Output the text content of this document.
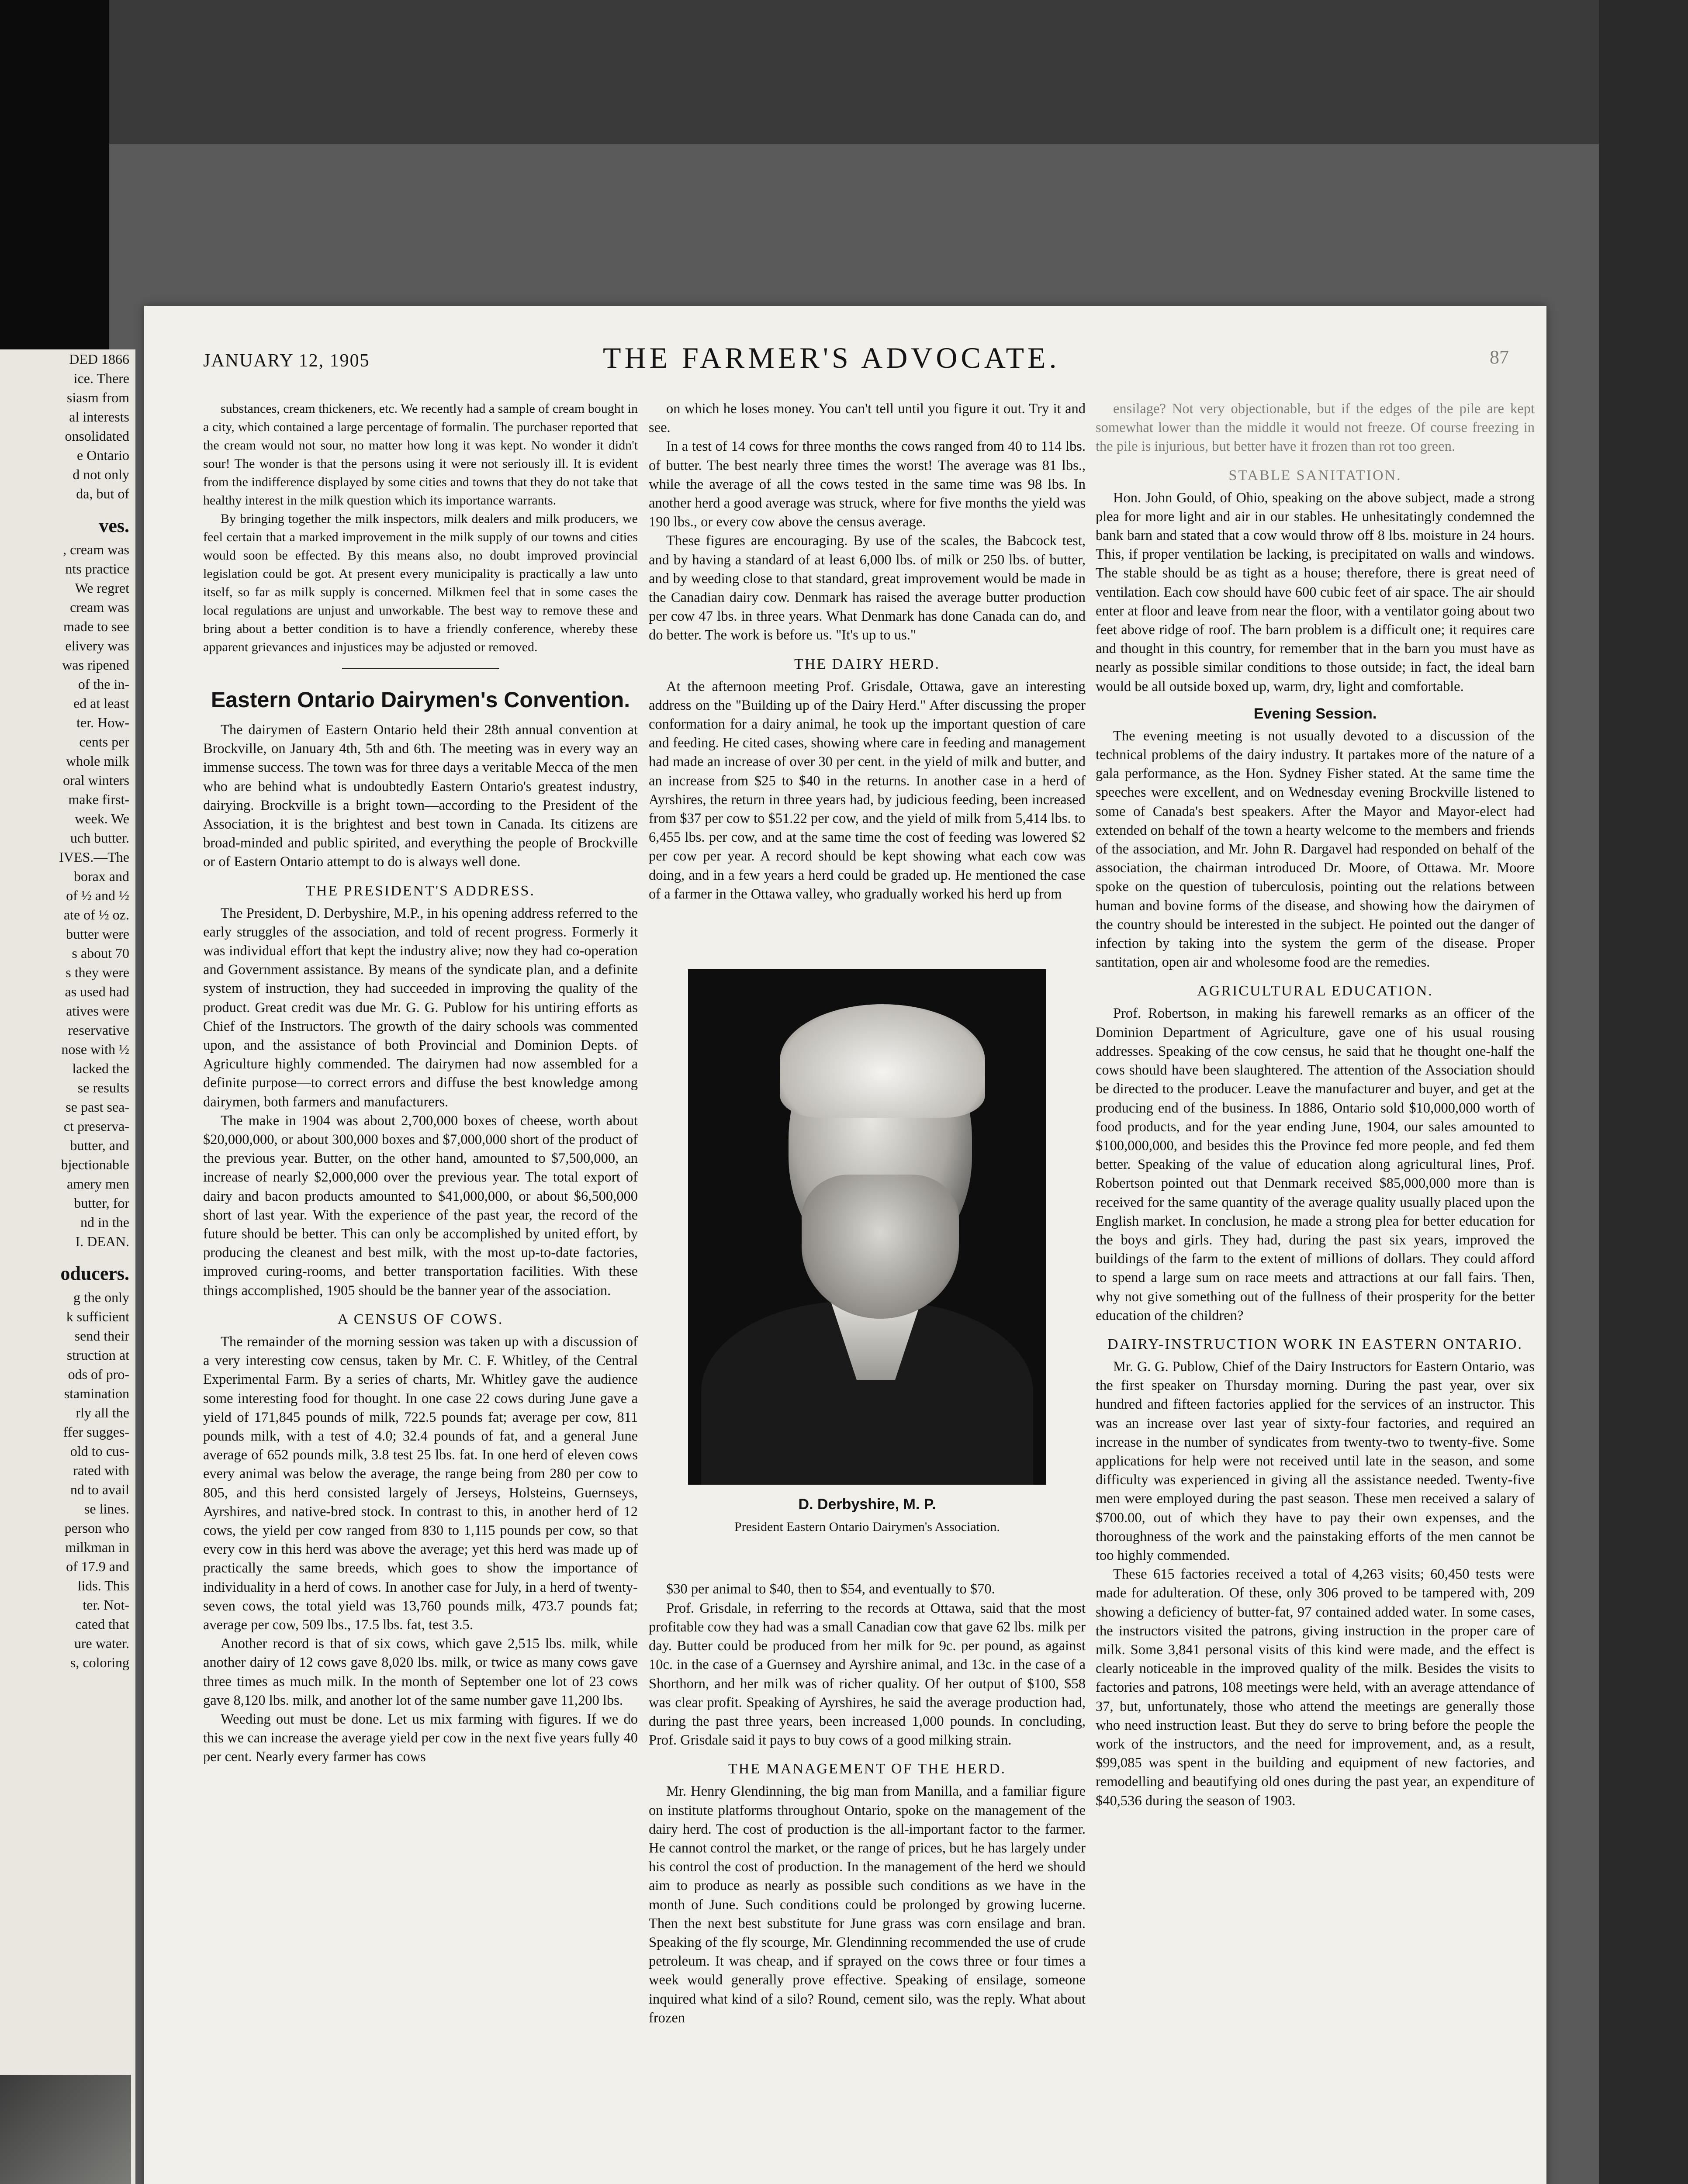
DED 1866
ice. There
siasm from
al interests
onsolidated
e Ontario
d not only
da, but of
ves.
, cream was
nts practice
We regret
cream was
made to see
elivery was
was ripened
of the in-
ed at least
ter. How-
cents per
whole milk
oral winters
make first-
week. We
uch butter.
IVES.—The
borax and
of ½ and ½
ate of ½ oz.
butter were
s about 70
s they were
as used had
atives were
reservative
nose with ½
lacked the
se results
se past sea-
ct preserva-
butter, and
bjectionable
amery men
butter, for
nd in the
I. DEAN.
oducers.
g the only
k sufficient
send their
struction at
ods of pro-
stamination
rly all the
ffer sugges-
old to cus-
rated with
nd to avail
se lines.
person who
milkman in
of 17.9 and
lids. This
ter. Not-
cated that
ure water.
s, coloring
JANUARY 12, 1905	THE FARMER'S ADVOCATE.	87

substances, cream thickeners, etc. We recently had a sample of cream bought in a city, which contained a large percentage of formalin. The purchaser reported that the cream would not sour, no matter how long it was kept. No wonder it didn't sour! The wonder is that the persons using it were not seriously ill. It is evident from the indifference displayed by some cities and towns that they do not take that healthy interest in the milk question which its importance warrants.

By bringing together the milk inspectors, milk dealers and milk producers, we feel certain that a marked improvement in the milk supply of our towns and cities would soon be effected. By this means also, no doubt improved provincial legislation could be got. At present every municipality is practically a law unto itself, so far as milk supply is concerned. Milkmen feel that in some cases the local regulations are unjust and unworkable. The best way to remove these and bring about a better condition is to have a friendly conference, whereby these apparent grievances and injustices may be adjusted or removed.

Eastern Ontario Dairymen's Convention.

The dairymen of Eastern Ontario held their 28th annual convention at Brockville, on January 4th, 5th and 6th. The meeting was in every way an immense success. The town was for three days a veritable Mecca of the men who are behind what is undoubtedly Eastern Ontario's greatest industry, dairying. Brockville is a bright town—according to the President of the Association, it is the brightest and best town in Canada. Its citizens are broad-minded and public spirited, and everything the people of Brockville or of Eastern Ontario attempt to do is always well done.

THE PRESIDENT'S ADDRESS.

The President, D. Derbyshire, M.P., in his opening address referred to the early struggles of the association, and told of recent progress. Formerly it was individual effort that kept the industry alive; now they had co-operation and Government assistance. By means of the syndicate plan, and a definite system of instruction, they had succeeded in improving the quality of the product. Great credit was due Mr. G. G. Publow for his untiring efforts as Chief of the Instructors. The growth of the dairy schools was commented upon, and the assistance of both Provincial and Dominion Depts. of Agriculture highly commended. The dairymen had now assembled for a definite purpose—to correct errors and diffuse the best knowledge among dairymen, both farmers and manufacturers.

The make in 1904 was about 2,700,000 boxes of cheese, worth about $20,000,000, or about 300,000 boxes and $7,000,000 short of the product of the previous year. Butter, on the other hand, amounted to $7,500,000, an increase of nearly $2,000,000 over the previous year. The total export of dairy and bacon products amounted to $41,000,000, or about $6,500,000 short of last year. With the experience of the past year, the record of the future should be better. This can only be accomplished by united effort, by producing the cleanest and best milk, with the most up-to-date factories, improved curing-rooms, and better transportation facilities. With these things accomplished, 1905 should be the banner year of the association.

A CENSUS OF COWS.

The remainder of the morning session was taken up with a discussion of a very interesting cow census, taken by Mr. C. F. Whitley, of the Central Experimental Farm. By a series of charts, Mr. Whitley gave the audience some interesting food for thought. In one case 22 cows during June gave a yield of 171,845 pounds of milk, 722.5 pounds fat; average per cow, 811 pounds milk, with a test of 4.0; 32.4 pounds of fat, and a general June average of 652 pounds milk, 3.8 test 25 lbs. fat. In one herd of eleven cows every animal was below the average, the range being from 280 per cow to 805, and this herd consisted largely of Jerseys, Holsteins, Guernseys, Ayrshires, and native-bred stock. In contrast to this, in another herd of 12 cows, the yield per cow ranged from 830 to 1,115 pounds per cow, so that every cow in this herd was above the average; yet this herd was made up of practically the same breeds, which goes to show the importance of individuality in a herd of cows. In another case for July, in a herd of twenty-seven cows, the total yield was 13,760 pounds milk, 473.7 pounds fat; average per cow, 509 lbs., 17.5 lbs. fat, test 3.5.

Another record is that of six cows, which gave 2,515 lbs. milk, while another dairy of 12 cows gave 8,020 lbs. milk, or twice as many cows gave three times as much milk. In the month of September one lot of 23 cows gave 8,120 lbs. milk, and another lot of the same number gave 11,200 lbs.

Weeding out must be done. Let us mix farming with figures. If we do this we can increase the average yield per cow in the next five years fully 40 per cent. Nearly every farmer has cows

on which he loses money. You can't tell until you figure it out. Try it and see.

In a test of 14 cows for three months the cows ranged from 40 to 114 lbs. of butter. The best nearly three times the worst! The average was 81 lbs., while the average of all the cows tested in the same time was 98 lbs. In another herd a good average was struck, where for five months the yield was 190 lbs., or every cow above the census average.

These figures are encouraging. By use of the scales, the Babcock test, and by having a standard of at least 6,000 lbs. of milk or 250 lbs. of butter, and by weeding close to that standard, great improvement would be made in the Canadian dairy cow. Denmark has raised the average butter production per cow 47 lbs. in three years. What Denmark has done Canada can do, and do better. The work is before us. "It's up to us."

THE DAIRY HERD.

At the afternoon meeting Prof. Grisdale, Ottawa, gave an interesting address on the "Building up of the Dairy Herd." After discussing the proper conformation for a dairy animal, he took up the important question of care and feeding. He cited cases, showing where care in feeding and management had made an increase of over 30 per cent. in the yield of milk and butter, and an increase from $25 to $40 in the returns. In another case in a herd of Ayrshires, the return in three years had, by judicious feeding, been increased from $37 per cow to $51.22 per cow, and the yield of milk from 5,414 lbs. to 6,455 lbs. per cow, and at the same time the cost of feeding was lowered $2 per cow per year. A record should be kept showing what each cow was doing, and in a few years a herd could be graded up. He mentioned the case of a farmer in the Ottawa valley, who gradually worked his herd up from

D. Derbyshire, M. P.
President Eastern Ontario Dairymen's Association.

$30 per animal to $40, then to $54, and eventually to $70.

Prof. Grisdale, in referring to the records at Ottawa, said that the most profitable cow they had was a small Canadian cow that gave 62 lbs. milk per day. Butter could be produced from her milk for 9c. per pound, as against 10c. in the case of a Guernsey and Ayrshire animal, and 13c. in the case of a Shorthorn, and her milk was of richer quality. Of her output of $100, $58 was clear profit. Speaking of Ayrshires, he said the average production had, during the past three years, been increased 1,000 pounds. In concluding, Prof. Grisdale said it pays to buy cows of a good milking strain.

THE MANAGEMENT OF THE HERD.

Mr. Henry Glendinning, the big man from Manilla, and a familiar figure on institute platforms throughout Ontario, spoke on the management of the dairy herd. The cost of production is the all-important factor to the farmer. He cannot control the market, or the range of prices, but he has largely under his control the cost of production. In the management of the herd we should aim to produce as nearly as possible such conditions as we have in the month of June. Such conditions could be prolonged by growing lucerne. Then the next best substitute for June grass was corn ensilage and bran. Speaking of the fly scourge, Mr. Glendinning recommended the use of crude petroleum. It was cheap, and if sprayed on the cows three or four times a week would generally prove effective. Speaking of ensilage, someone inquired what kind of a silo? Round, cement silo, was the reply. What about frozen

ensilage? Not very objectionable, but if the edges of the pile are kept somewhat lower than the middle it would not freeze. Of course freezing in the pile is injurious, but better have it frozen than rot too green.

STABLE SANITATION.

Hon. John Gould, of Ohio, speaking on the above subject, made a strong plea for more light and air in our stables. He unhesitatingly condemned the bank barn and stated that a cow would throw off 8 lbs. moisture in 24 hours. This, if proper ventilation be lacking, is precipitated on walls and windows. The stable should be as tight as a house; therefore, there is great need of ventilation. Each cow should have 600 cubic feet of air space. The air should enter at floor and leave from near the floor, with a ventilator going about two feet above ridge of roof. The barn problem is a difficult one; it requires care and thought in this country, for remember that in the barn you must have as nearly as possible similar conditions to those outside; in fact, the ideal barn would be all outside boxed up, warm, dry, light and comfortable.

Evening Session.

The evening meeting is not usually devoted to a discussion of the technical problems of the dairy industry. It partakes more of the nature of a gala performance, as the Hon. Sydney Fisher stated. At the same time the speeches were excellent, and on Wednesday evening Brockville listened to some of Canada's best speakers. After the Mayor and Mayor-elect had extended on behalf of the town a hearty welcome to the members and friends of the association, and Mr. John R. Dargavel had responded on behalf of the association, the chairman introduced Dr. Moore, of Ottawa. Mr. Moore spoke on the question of tuberculosis, pointing out the relations between human and bovine forms of the disease, and showing how the dairymen of the country should be interested in the subject. He pointed out the danger of infection by taking into the system the germ of the disease. Proper santitation, open air and wholesome food are the remedies.

AGRICULTURAL EDUCATION.

Prof. Robertson, in making his farewell remarks as an officer of the Dominion Department of Agriculture, gave one of his usual rousing addresses. Speaking of the cow census, he said that he thought one-half the cows should have been slaughtered. The attention of the Association should be directed to the producer. Leave the manufacturer and buyer, and get at the producing end of the business. In 1886, Ontario sold $10,000,000 worth of food products, and for the year ending June, 1904, our sales amounted to $100,000,000, and besides this the Province fed more people, and fed them better. Speaking of the value of education along agricultural lines, Prof. Robertson pointed out that Denmark received $85,000,000 more than is received for the same quantity of the average quality usually placed upon the English market. In conclusion, he made a strong plea for better education for the boys and girls. They had, during the past six years, improved the buildings of the farm to the extent of millions of dollars. They could afford to spend a large sum on race meets and attractions at our fall fairs. Then, why not give something out of the fullness of their prosperity for the better education of the children?

DAIRY-INSTRUCTION WORK IN EASTERN ONTARIO.

Mr. G. G. Publow, Chief of the Dairy Instructors for Eastern Ontario, was the first speaker on Thursday morning. During the past year, over six hundred and fifteen factories applied for the services of an instructor. This was an increase over last year of sixty-four factories, and required an increase in the number of syndicates from twenty-two to twenty-five. Some applications for help were not received until late in the season, and some difficulty was experienced in giving all the assistance needed. Twenty-five men were employed during the past season. These men received a salary of $700.00, out of which they have to pay their own expenses, and the thoroughness of the work and the painstaking efforts of the men cannot be too highly commended.

These 615 factories received a total of 4,263 visits; 60,450 tests were made for adulteration. Of these, only 306 proved to be tampered with, 209 showing a deficiency of butter-fat, 97 contained added water. In some cases, the instructors visited the patrons, giving instruction in the proper care of milk. Some 3,841 personal visits of this kind were made, and the effect is clearly noticeable in the improved quality of the milk. Besides the visits to factories and patrons, 108 meetings were held, with an average attendance of 37, but, unfortunately, those who attend the meetings are generally those who need instruction least. But they do serve to bring before the people the work of the instructors, and the need for improvement, and, as a result, $99,085 was spent in the building and equipment of new factories, and remodelling and beautifying old ones during the past year, an expenditure of $40,536 during the season of 1903.
